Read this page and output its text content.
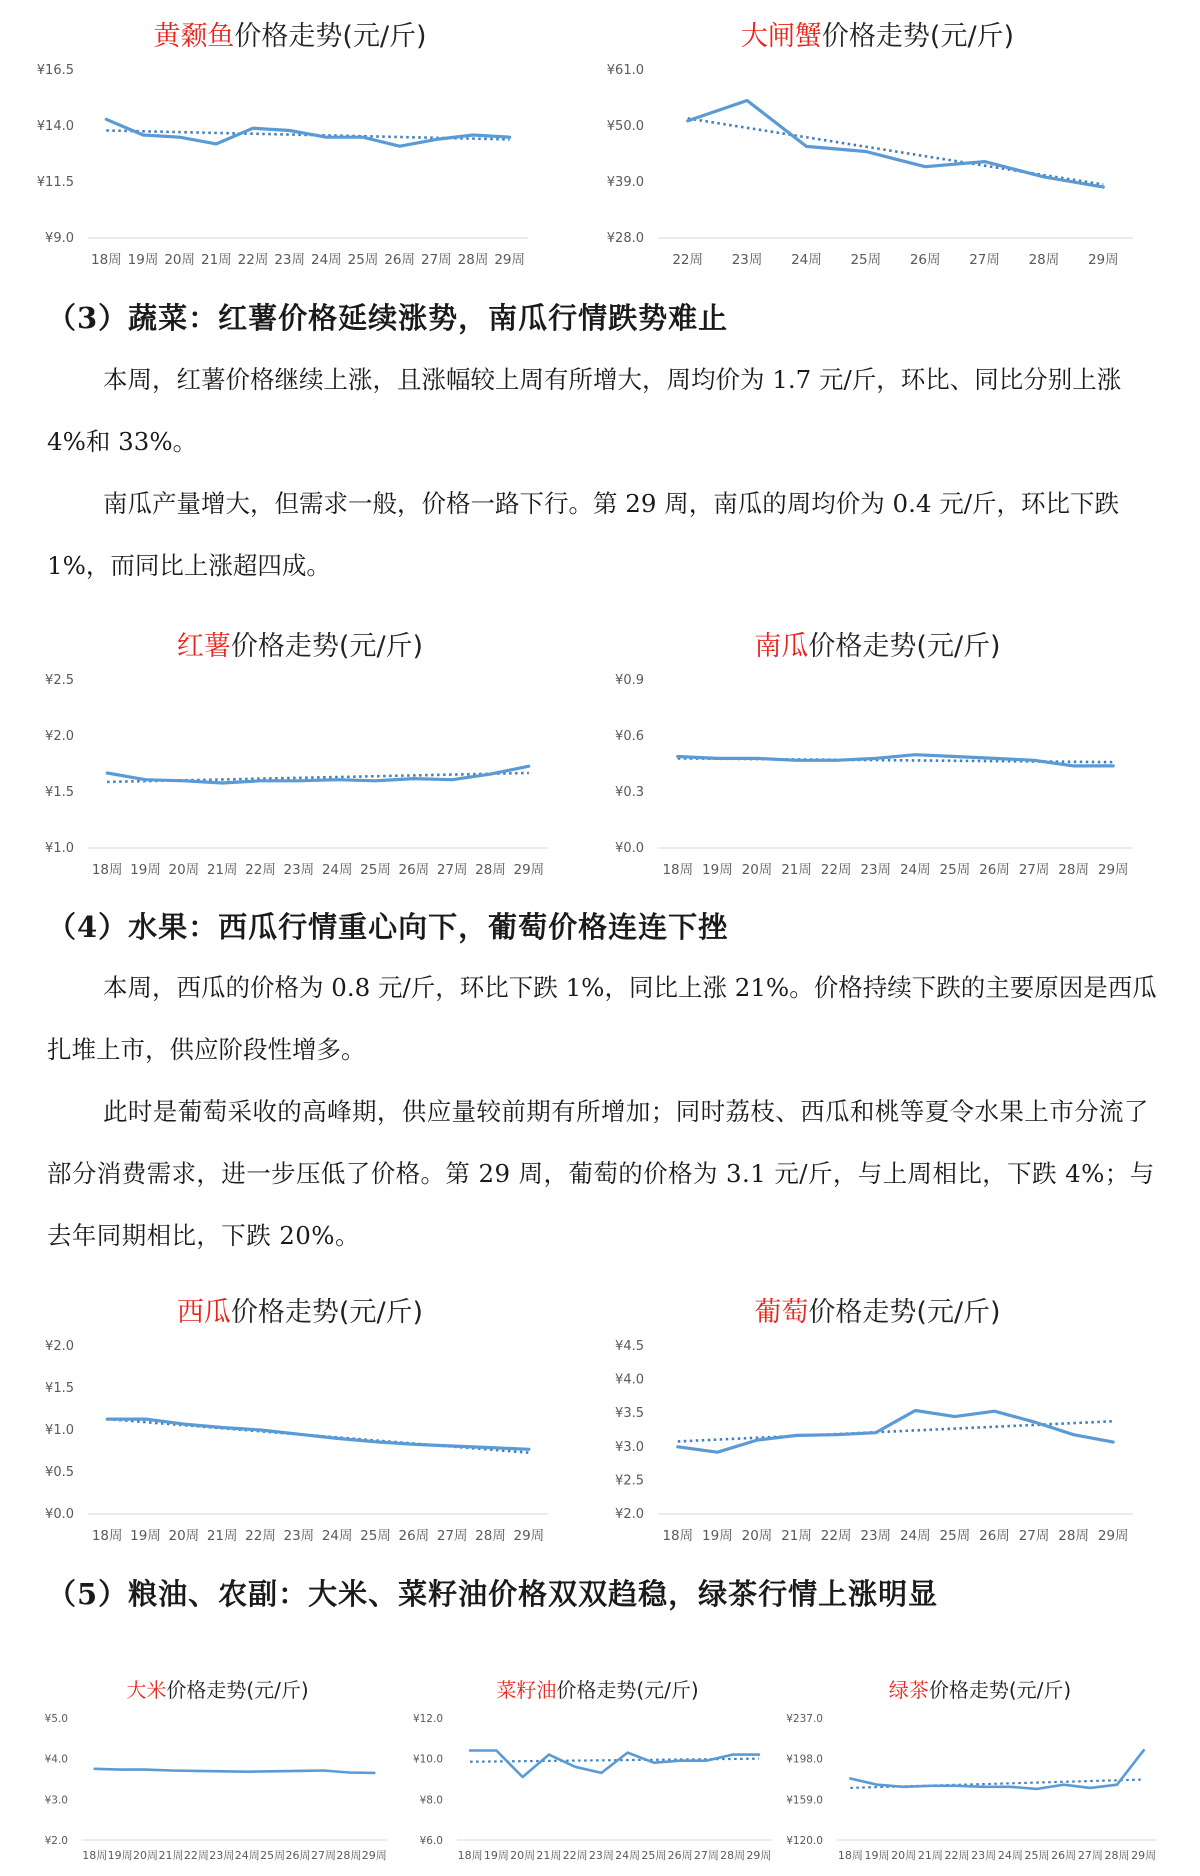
¥9.0
¥11.5
¥14.0
¥16.5
18周 19周 20周 21周 22周 23周 24周 25周 26周 27周 28周 29周
黄颡鱼价格走势(元/斤)
¥28.0
¥39.0
¥50.0
¥61.0
22周 23周 24周 25周 26周 27周 28周 29周
大闸蟹价格走势(元/斤)
（3）蔬菜：红薯价格延续涨势，南瓜行情跌势难止

本周，红薯价格继续上涨，且涨幅较上周有所增大，周均价为 1.7 元/斤，环比、同比分别上涨 4%和 33%。

南瓜产量增大，但需求一般，价格一路下行。第 29 周，南瓜的周均价为 0.4 元/斤，环比下跌 1%，而同比上涨超四成。

¥1.0
¥1.5
¥2.0
¥2.5
18周 19周 20周 21周 22周 23周 24周 25周 26周 27周 28周 29周
红薯价格走势(元/斤)
¥0.0
¥0.3
¥0.6
¥0.9
18周 19周 20周 21周 22周 23周 24周 25周 26周 27周 28周 29周
南瓜价格走势(元/斤)
（4）水果：西瓜行情重心向下，葡萄价格连连下挫

本周，西瓜的价格为 0.8 元/斤，环比下跌 1%，同比上涨 21%。价格持续下跌的主要原因是西瓜扎堆上市，供应阶段性增多。

此时是葡萄采收的高峰期，供应量较前期有所增加；同时荔枝、西瓜和桃等夏令水果上市分流了部分消费需求，进一步压低了价格。第 29 周，葡萄的价格为 3.1 元/斤，与上周相比，下跌 4%；与去年同期相比，下跌 20%。

¥0.0
¥0.5
¥1.0
¥1.5
¥2.0
18周 19周 20周 21周 22周 23周 24周 25周 26周 27周 28周 29周
西瓜价格走势(元/斤)
¥2.0
¥2.5
¥3.0
¥3.5
¥4.0
¥4.5
18周 19周 20周 21周 22周 23周 24周 25周 26周 27周 28周 29周
葡萄价格走势(元/斤)
（5）粮油、农副：大米、菜籽油价格双双趋稳，绿茶行情上涨明显
¥2.0
¥3.0
¥4.0
¥5.0
18周 19周 20周 21周 22周 23周 24周 25周 26周 27周 28周 29周
大米价格走势(元/斤)
¥6.0
¥8.0
¥10.0
¥12.0
18周 19周 20周 21周 22周 23周 24周 25周 26周 27周 28周 29周
菜籽油价格走势(元/斤)
¥120.0
¥159.0
¥198.0
¥237.0
18周 19周 20周 21周 22周 23周 24周 25周 26周 27周 28周 29周
绿茶价格走势(元/斤)
